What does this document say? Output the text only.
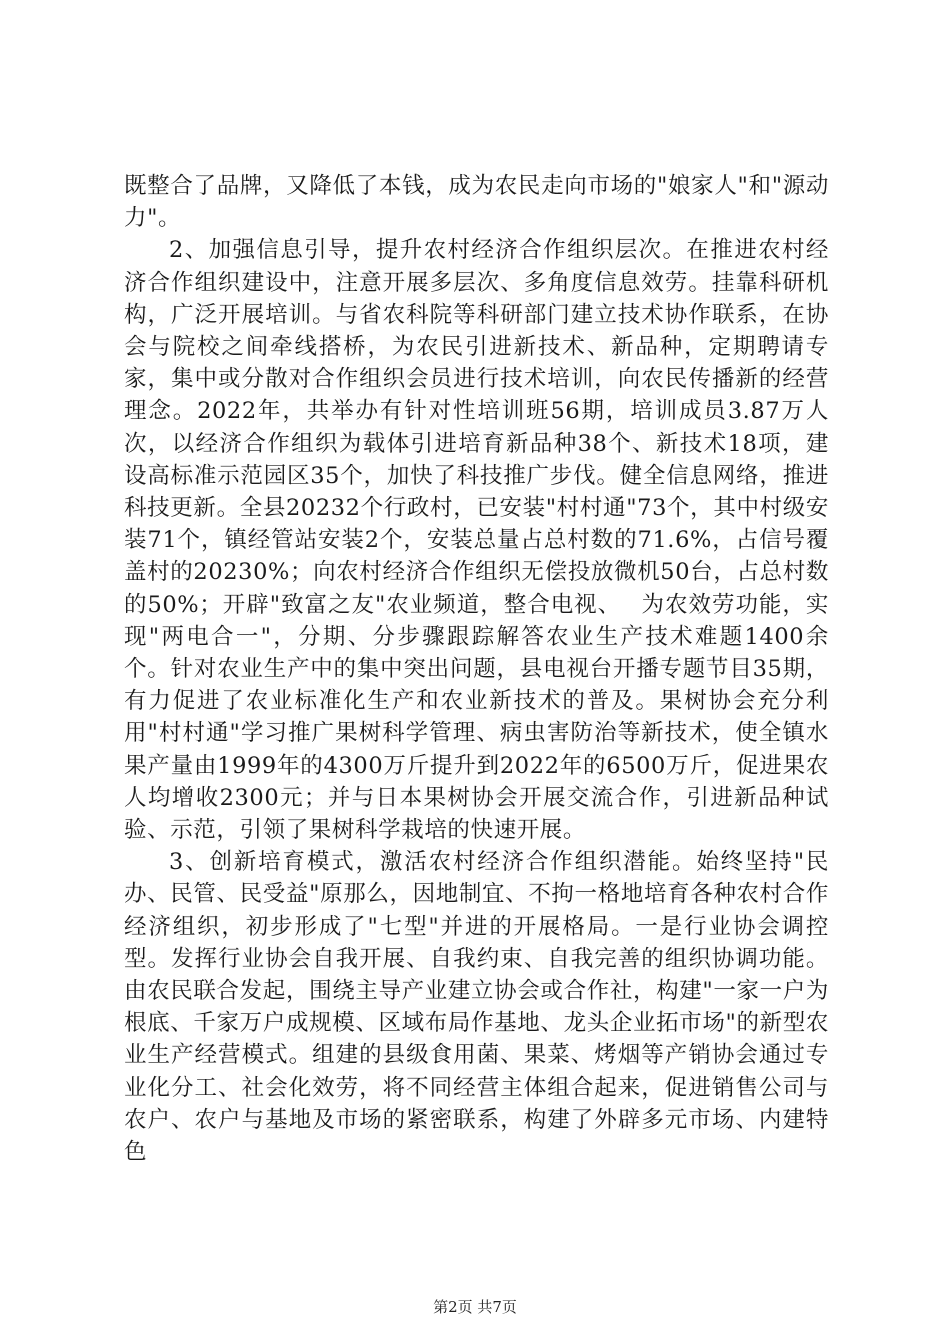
既整合了品牌，又降低了本钱，成为农民走向市场的"娘家人"和"源动力"。

2、加强信息引导，提升农村经济合作组织层次。在推进农村经济合作组织建设中，注意开展多层次、多角度信息效劳。挂靠科研机构，广泛开展培训。与省农科院等科研部门建立技术协作联系，在协会与院校之间牵线搭桥，为农民引进新技术、新品种，定期聘请专家，集中或分散对合作组织会员进行技术培训，向农民传播新的经营理念。2022年，共举办有针对性培训班56期，培训成员3.87万人次，以经济合作组织为载体引进培育新品种38个、新技术18项，建设高标准示范园区35个，加快了科技推广步伐。健全信息网络，推进科技更新。全县20232个行政村，已安装"村村通"73个，其中村级安装71个，镇经管站安装2个，安装总量占总村数的71.6%，占信号覆盖村的20230%；向农村经济合作组织无偿投放微机50台，占总村数的50%；开辟"致富之友"农业频道，整合电视、　 为农效劳功能，实现"两电合一"，分期、分步骤跟踪解答农业生产技术难题1400余个。针对农业生产中的集中突出问题，县电视台开播专题节目35期，有力促进了农业标准化生产和农业新技术的普及。果树协会充分利用"村村通"学习推广果树科学管理、病虫害防治等新技术，使全镇水果产量由1999年的4300万斤提升到2022年的6500万斤，促进果农人均增收2300元；并与日本果树协会开展交流合作，引进新品种试验、示范，引领了果树科学栽培的快速开展。

3、创新培育模式，激活农村经济合作组织潜能。始终坚持"民办、民管、民受益"原那么，因地制宜、不拘一格地培育各种农村合作经济组织，初步形成了"七型"并进的开展格局。一是行业协会调控型。发挥行业协会自我开展、自我约束、自我完善的组织协调功能。由农民联合发起，围绕主导产业建立协会或合作社，构建"一家一户为根底、千家万户成规模、区域布局作基地、龙头企业拓市场"的新型农业生产经营模式。组建的县级食用菌、果菜、烤烟等产销协会通过专业化分工、社会化效劳，将不同经营主体组合起来，促进销售公司与农户、农户与基地及市场的紧密联系，构建了外辟多元市场、内建特色

第2页 共7页
